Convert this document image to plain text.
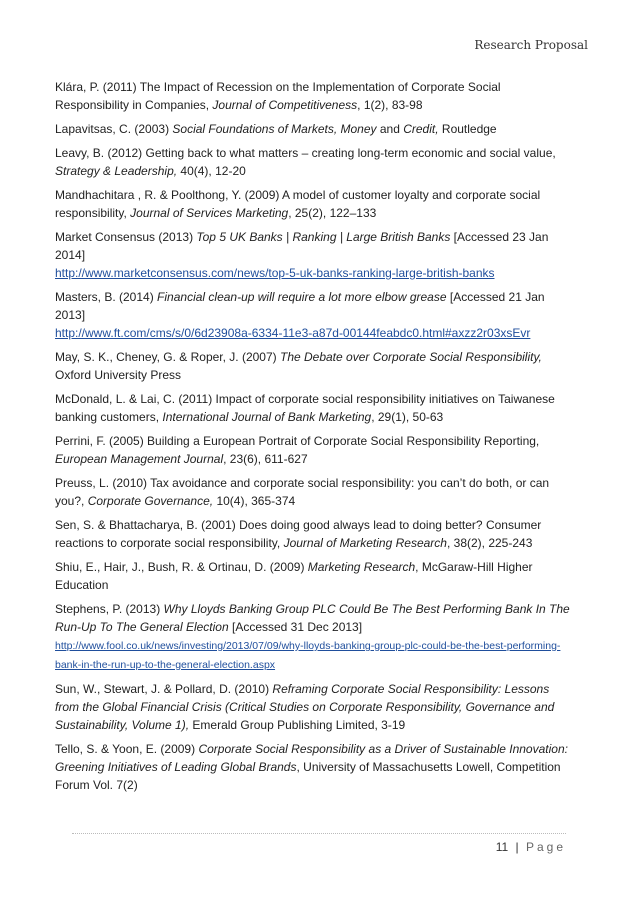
Research Proposal

Klára, P. (2011) The Impact of Recession on the Implementation of Corporate Social Responsibility in Companies, Journal of Competitiveness, 1(2), 83-98

Lapavitsas, C. (2003) Social Foundations of Markets, Money and Credit, Routledge

Leavy, B. (2012) Getting back to what matters – creating long-term economic and social value, Strategy & Leadership, 40(4), 12-20

Mandhachitara , R. & Poolthong, Y. (2009) A model of customer loyalty and corporate social responsibility, Journal of Services Marketing, 25(2), 122–133

Market Consensus (2013) Top 5 UK Banks | Ranking | Large British Banks [Accessed 23 Jan 2014]
http://www.marketconsensus.com/news/top-5-uk-banks-ranking-large-british-banks

Masters, B. (2014) Financial clean-up will require a lot more elbow grease [Accessed 21 Jan 2013]
http://www.ft.com/cms/s/0/6d23908a-6334-11e3-a87d-00144feabdc0.html#axzz2r03xsEvr

May, S. K., Cheney, G. & Roper, J. (2007) The Debate over Corporate Social Responsibility, Oxford University Press

McDonald, L. & Lai, C. (2011) Impact of corporate social responsibility initiatives on Taiwanese banking customers, International Journal of Bank Marketing, 29(1), 50-63

Perrini, F. (2005) Building a European Portrait of Corporate Social Responsibility Reporting, European Management Journal, 23(6), 611-627

Preuss, L. (2010) Tax avoidance and corporate social responsibility: you can’t do both, or can you?, Corporate Governance, 10(4), 365-374

Sen, S. & Bhattacharya, B. (2001) Does doing good always lead to doing better? Consumer reactions to corporate social responsibility, Journal of Marketing Research, 38(2), 225-243

Shiu, E., Hair, J., Bush, R. & Ortinau, D. (2009) Marketing Research, McGaraw-Hill Higher Education

Stephens, P. (2013) Why Lloyds Banking Group PLC Could Be The Best Performing Bank In The Run-Up To The General Election [Accessed 31 Dec 2013]
http://www.fool.co.uk/news/investing/2013/07/09/why-lloyds-banking-group-plc-could-be-the-best-performing-bank-in-the-run-up-to-the-general-election.aspx

Sun, W., Stewart, J. & Pollard, D. (2010) Reframing Corporate Social Responsibility: Lessons from the Global Financial Crisis (Critical Studies on Corporate Responsibility, Governance and Sustainability, Volume 1), Emerald Group Publishing Limited, 3-19

Tello, S. & Yoon, E. (2009) Corporate Social Responsibility as a Driver of Sustainable Innovation: Greening Initiatives of Leading Global Brands, University of Massachusetts Lowell, Competition Forum Vol. 7(2)

11 | Page
